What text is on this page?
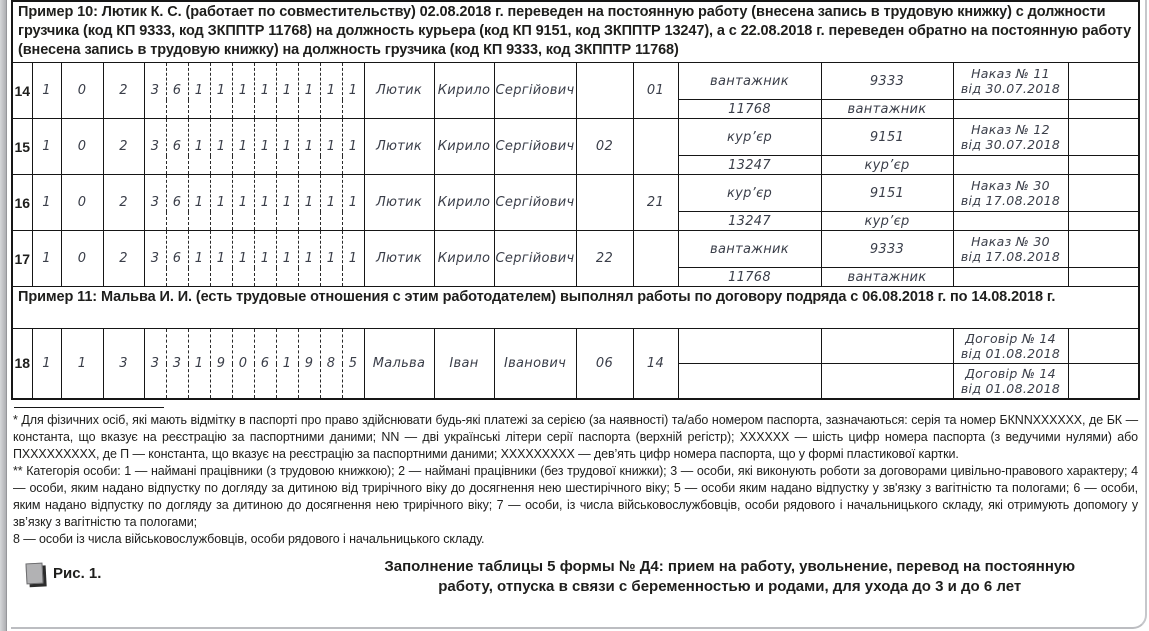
Пример 10: Лютик К. С. (работает по совместительству) 02.08.2018 г. переведен на постоянную работу (внесена запись в трудовую книжку) с должности грузчика (код КП 9333, код ЗКППТР 11768) на должность курьера (код КП 9151, код ЗКППТР 13247), а с 22.08.2018 г. переведен обратно на постоянную работу (внесена запись в трудовую книжку) на должность грузчика (код КП 9333, код ЗКППТР 11768)																						
14	1	0	2	3	6	1	1	1	1	1	1	1	1	Лютик	Кирило	Сергійович		01	вантажник	9333	Наказ № 11
від 30.07.2018	

																			11768	вантажник	

15	1	0	2	3	6	1	1	1	1	1	1	1	1	Лютик	Кирило	Сергійович	02		кур’єр	9151	Наказ № 12
від 30.07.2018	

																			13247	кур’єр	

16	1	0	2	3	6	1	1	1	1	1	1	1	1	Лютик	Кирило	Сергійович		21	кур’єр	9151	Наказ № 30
від 17.08.2018	

																			13247	кур’єр	

17	1	0	2	3	6	1	1	1	1	1	1	1	1	Лютик	Кирило	Сергійович	22		вантажник	9333	Наказ № 30
від 17.08.2018	

																			11768	вантажник	

Пример 11: Мальва И. И. (есть трудовые отношения с этим работодателем) выполнял работы по договору подряда с 06.08.2018 г. по 14.08.2018 г.																						
18	1	1	3	3	3	1	9	0	6	1	9	8	5	Мальва	Іван	Іванович	06	14			Договір № 14
від 01.08.2018	

																					Договір № 14
від 01.08.2018	

* Для фізичних осіб, які мають відмітку в паспорті про право здійснювати будь-які платежі за серією (за наявності) та/або номером паспорта, зазначаються: серія та номер БКNNХХХХХХ, де БК — константа, що вказує на реєстрацію за паспортними даними; NN — дві українські літери серії паспорта (верхній регістр); ХХХХХХ — шість цифр номера паспорта (з ведучими нулями) або ПХХХХХХХХХ, де П — константа, що вказує на реєстрацію за паспортними даними; ХХХХХХХХХ — дев’ять цифр номера паспорта, що у формі пластикової картки.
** Категорія особи: 1 — наймані працівники (з трудовою книжкою); 2 — наймані працівники (без трудової книжки); 3 — особи, які виконують роботи за договорами цивільно-правового характеру; 4 — особи, яким надано відпустку по догляду за дитиною від трирічного віку до досягнення нею шестирічного віку; 5 — особи яким надано відпустку у зв'язку з вагітністю та пологами; 6 — особи, яким надано відпустку по догляду за дитиною до досягнення нею трирічного віку; 7 — особи, із числа військовослужбовців, особи рядового і начальницького складу, які отримують допомогу у зв’язку з вагітністю та пологами;
8 — особи із числа військовослужбовців, особи рядового і начальницького складу.
Рис. 1.	Заполнение таблицы 5 формы № Д4: прием на работу, увольнение, перевод на постоянную работу, отпуска в связи с беременностью и родами, для ухода до 3 и до 6 лет
